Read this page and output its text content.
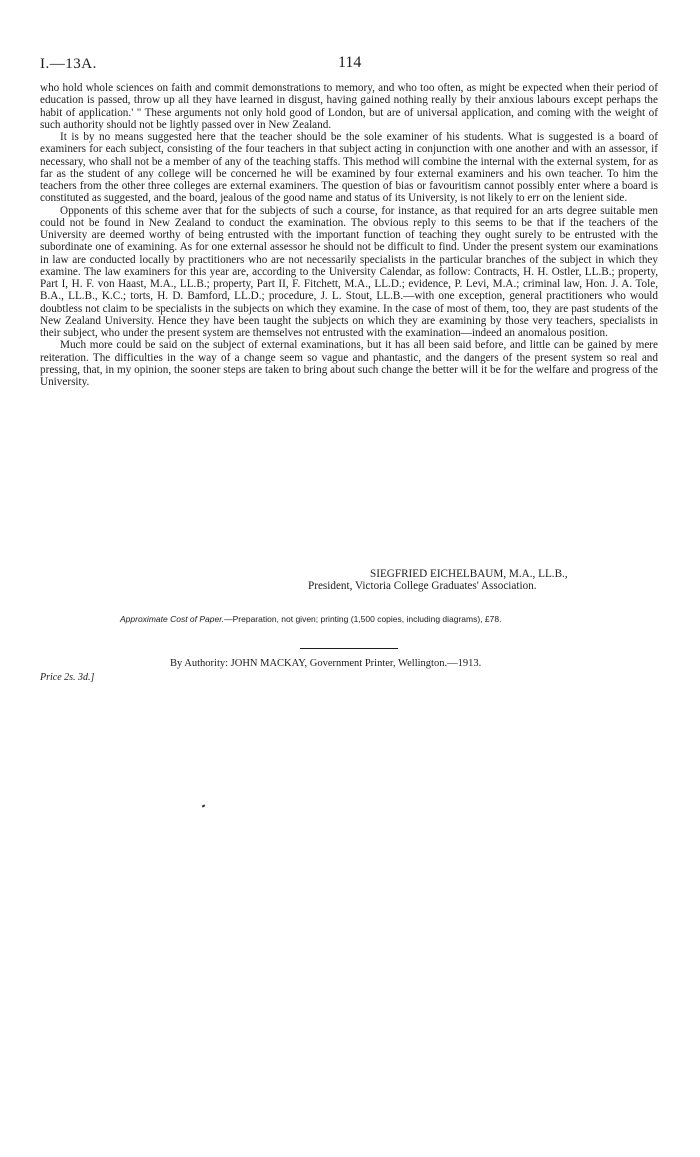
I.—13A.	114

who hold whole sciences on faith and commit demonstrations to memory, and who too often, as might be expected when their period of education is passed, throw up all they have learned in disgust, having gained nothing really by their anxious labours except perhaps the habit of application.' " These arguments not only hold good of London, but are of universal application, and coming with the weight of such authority should not be lightly passed over in New Zealand.

It is by no means suggested here that the teacher should be the sole examiner of his students. What is suggested is a board of examiners for each subject, consisting of the four teachers in that subject acting in conjunction with one another and with an assessor, if necessary, who shall not be a member of any of the teaching staffs. This method will combine the internal with the external system, for as far as the student of any college will be concerned he will be examined by four external examiners and his own teacher. To him the teachers from the other three colleges are external examiners. The question of bias or favouritism cannot possibly enter where a board is constituted as suggested, and the board, jealous of the good name and status of its University, is not likely to err on the lenient side.

Opponents of this scheme aver that for the subjects of such a course, for instance, as that required for an arts degree suitable men could not be found in New Zealand to conduct the examination. The obvious reply to this seems to be that if the teachers of the University are deemed worthy of being entrusted with the important function of teaching they ought surely to be entrusted with the subordinate one of examining. As for one external assessor he should not be difficult to find. Under the present system our examinations in law are conducted locally by practitioners who are not necessarily specialists in the particular branches of the subject in which they examine. The law examiners for this year are, according to the University Calendar, as follow: Contracts, H. H. Ostler, LL.B.; property, Part I, H. F. von Haast, M.A., LL.B.; property, Part II, F. Fitchett, M.A., LL.D.; evidence, P. Levi, M.A.; criminal law, Hon. J. A. Tole, B.A., LL.B., K.C.; torts, H. D. Bamford, LL.D.; procedure, J. L. Stout, LL.B.—with one exception, general practitioners who would doubtless not claim to be specialists in the subjects on which they examine. In the case of most of them, too, they are past students of the New Zealand University. Hence they have been taught the subjects on which they are examining by those very teachers, specialists in their subject, who under the present system are themselves not entrusted with the examination—indeed an anomalous position.

Much more could be said on the subject of external examinations, but it has all been said before, and little can be gained by mere reiteration. The difficulties in the way of a change seem so vague and phantastic, and the dangers of the present system so real and pressing, that, in my opinion, the sooner steps are taken to bring about such change the better will it be for the welfare and progress of the University.

SIEGFRIED EICHELBAUM, M.A., LL.B.,
President, Victoria College Graduates' Association.
Approximate Cost of Paper.—Preparation, not given; printing (1,500 copies, including diagrams), £78.
By Authority: JOHN MACKAY, Government Printer, Wellington.—1913.
Price 2s. 3d.]
